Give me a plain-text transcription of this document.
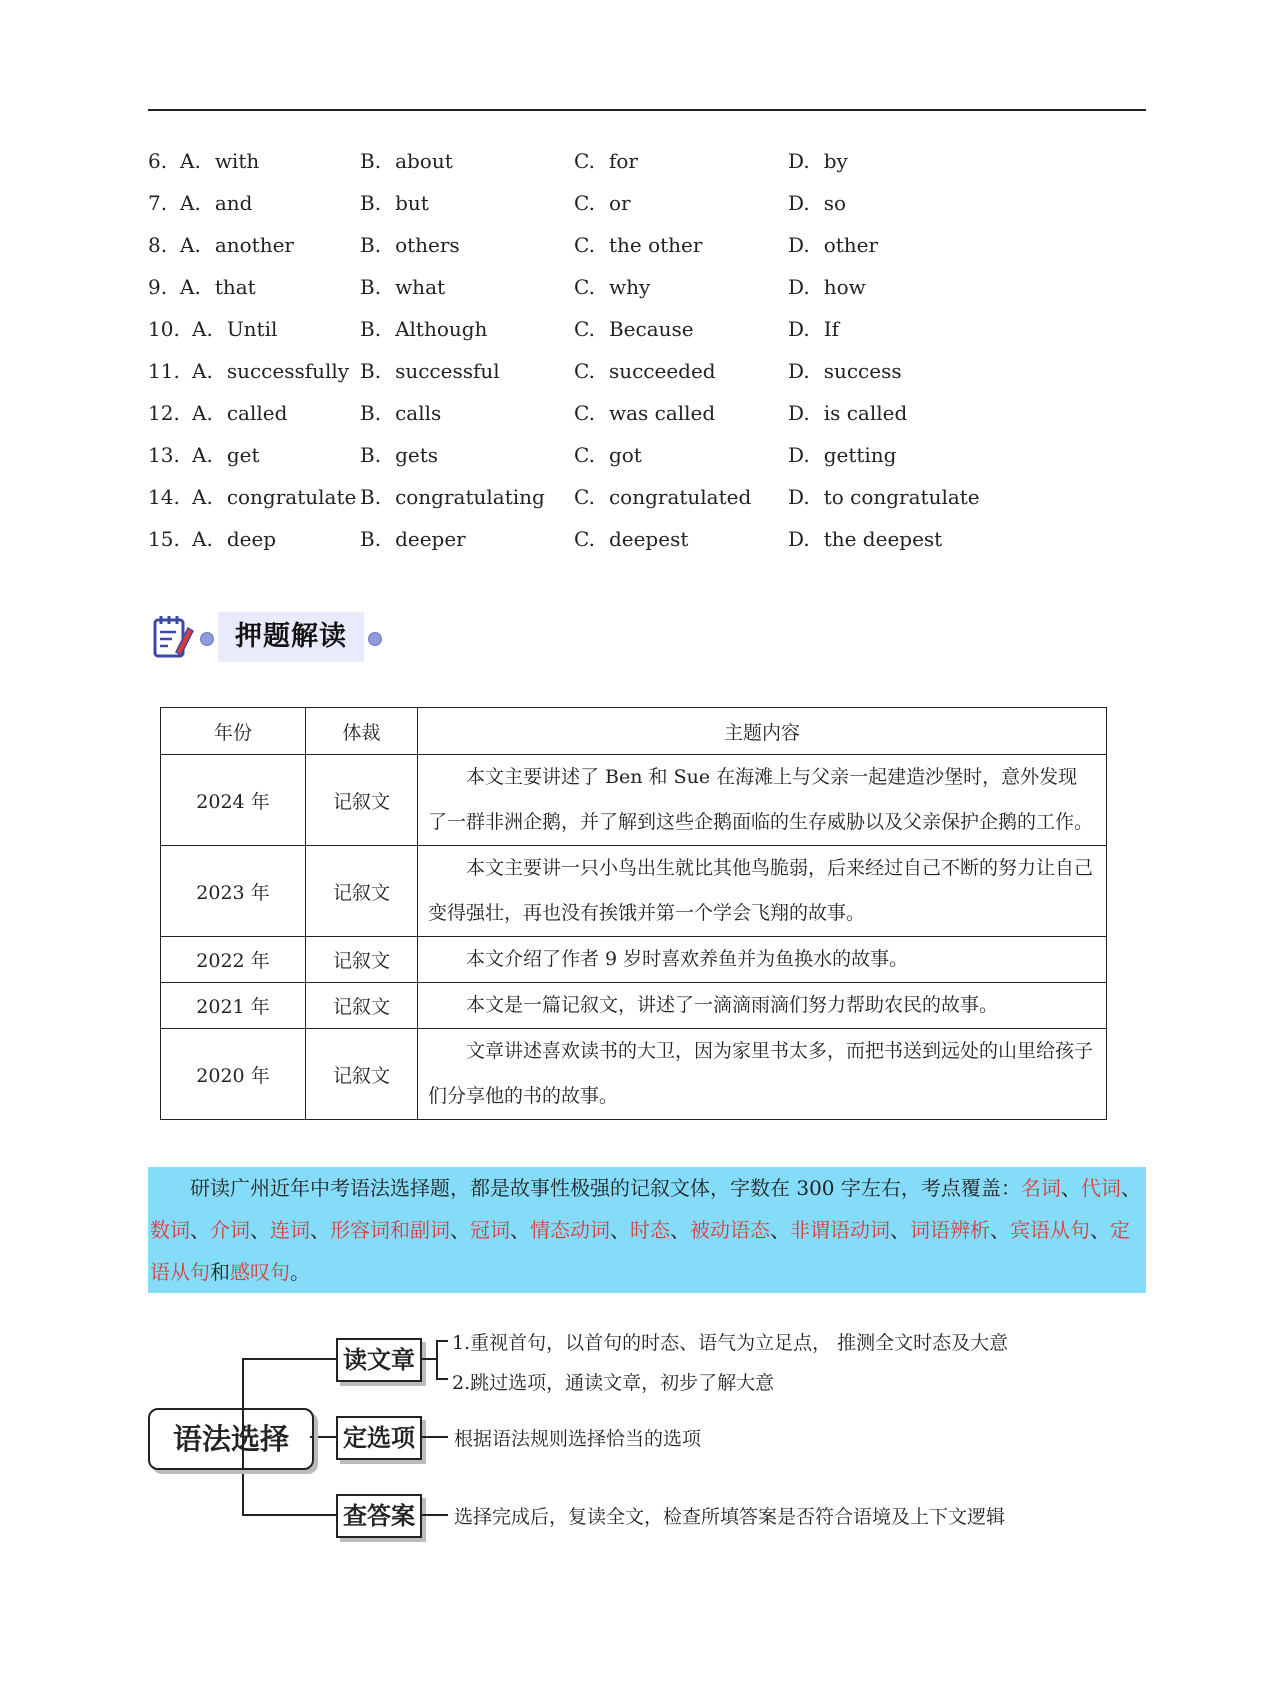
6. A. with	B. about	C. for	D. by
7. A. and	B. but	C. or	D. so
8. A. another	B. others	C. the other	D. other
9. A. that	B. what	C. why	D. how
10. A. Until	B. Although	C. Because	D. If
11. A. successfully B. successful	C. succeeded	D. success
12. A. called	B. calls	C. was called	D. is called
13. A. get	B. gets	C. got	D. getting
14. A. congratulate B. congratulating C. congratulated D. to congratulate
15. A. deep	B. deeper	C. deepest	D. the deepest
押题解读
年份	体裁	主题内容
2024 年	记叙文	本文主要讲述了 Ben 和 Sue 在海滩上与父亲一起建造沙堡时，意外发现了一群非洲企鹅，并了解到这些企鹅面临的生存威胁以及父亲保护企鹅的工作。
2023 年	记叙文	本文主要讲一只小鸟出生就比其他鸟脆弱，后来经过自己不断的努力让自己变得强壮，再也没有挨饿并第一个学会飞翔的故事。
2022 年	记叙文	本文介绍了作者 9 岁时喜欢养鱼并为鱼换水的故事。
2021 年	记叙文	本文是一篇记叙文，讲述了一滴滴雨滴们努力帮助农民的故事。
2020 年	记叙文	文章讲述喜欢读书的大卫，因为家里书太多，而把书送到远处的山里给孩子们分享他的书的故事。

研读广州近年中考语法选择题，都是故事性极强的记叙文体，字数在 300 字左右，考点覆盖：名词、代词、数词、介词、连词、形容词和副词、冠词、情态动词、时态、被动语态、非谓语动词、词语辨析、宾语从句、定语从句和感叹句。

语法选择
读文章
1.重视首句，以首句的时态、语气为立足点， 推测全文时态及大意
2.跳过选项，通读文章，初步了解大意
定选项	根据语法规则选择恰当的选项
查答案	选择完成后，复读全文，检查所填答案是否符合语境及上下文逻辑
